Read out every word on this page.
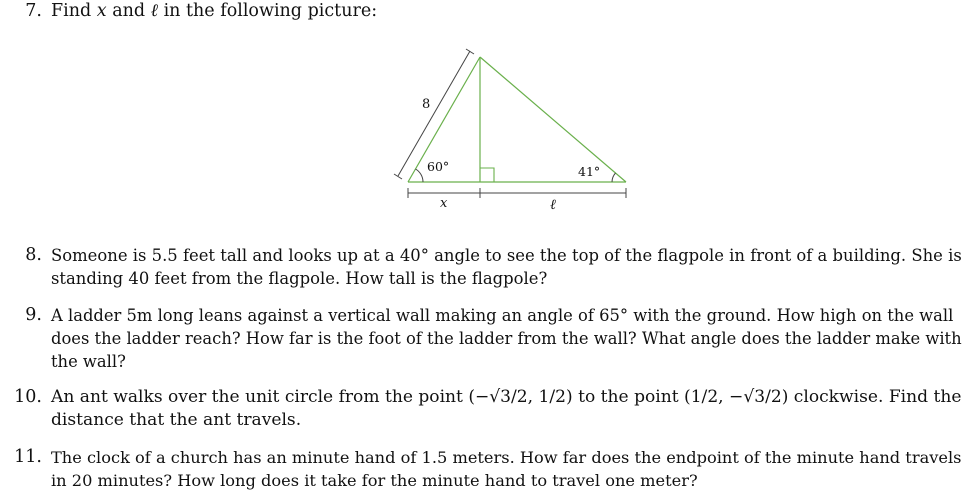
7. Find x and ℓ in the following picture:
8
60°	41°
x	ℓ
8. Someone is 5.5 feet tall and looks up at a 40° angle to see the top of the flagpole in front of a building. She is
standing 40 feet from the flagpole. How tall is the flagpole?
9. A ladder 5m long leans against a vertical wall making an angle of 65° with the ground. How high on the wall
does the ladder reach? How far is the foot of the ladder from the wall? What angle does the ladder make with
the wall?
10. An ant walks over the unit circle from the point (−√3/2, 1/2) to the point (1/2, −√3/2) clockwise. Find the
distance that the ant travels.
11. The clock of a church has an minute hand of 1.5 meters. How far does the endpoint of the minute hand travels
in 20 minutes? How long does it take for the minute hand to travel one meter?
